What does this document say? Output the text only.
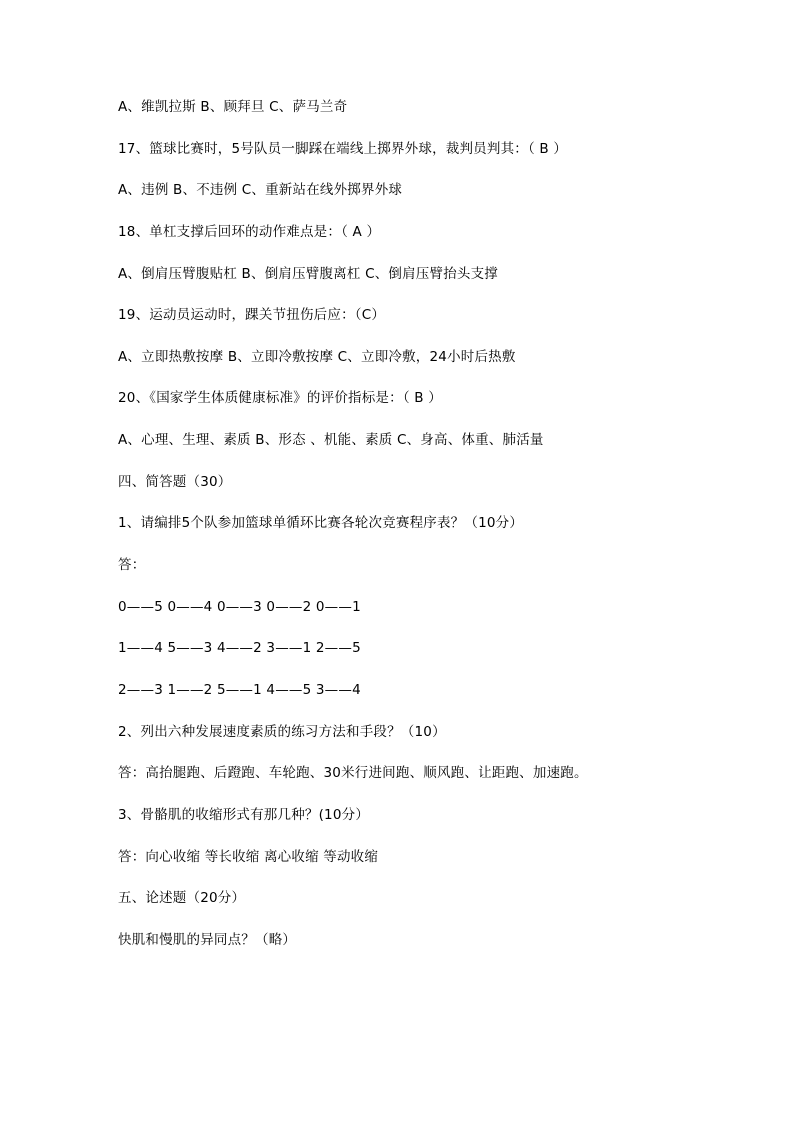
A、维凯拉斯 B、顾拜旦 C、萨马兰奇
17、篮球比赛时，5号队员一脚踩在端线上掷界外球，裁判员判其：（ B ）
A、违例 B、不违例 C、重新站在线外掷界外球
18、单杠支撑后回环的动作难点是：（ A ）
A、倒肩压臂腹贴杠 B、倒肩压臂腹离杠 C、倒肩压臂抬头支撑
19、运动员运动时，踝关节扭伤后应：（C）
A、立即热敷按摩 B、立即冷敷按摩 C、立即冷敷，24小时后热敷
20、《国家学生体质健康标准》的评价指标是：（ B ）
A、心理、生理、素质 B、形态 、机能、素质 C、身高、体重、肺活量
四、简答题（30）
1、请编排5个队参加篮球单循环比赛各轮次竞赛程序表？（10分）
答：
0——5 0——4 0——3 0——2 0——1
1——4 5——3 4——2 3——1 2——5
2——3 1——2 5——1 4——5 3——4
2、列出六种发展速度素质的练习方法和手段？（10）
答：高抬腿跑、后蹬跑、车轮跑、30米行进间跑、顺风跑、让距跑、加速跑。
3、骨骼肌的收缩形式有那几种？(10分）
答：向心收缩 等长收缩 离心收缩 等动收缩
五、论述题（20分）
快肌和慢肌的异同点？（略）
